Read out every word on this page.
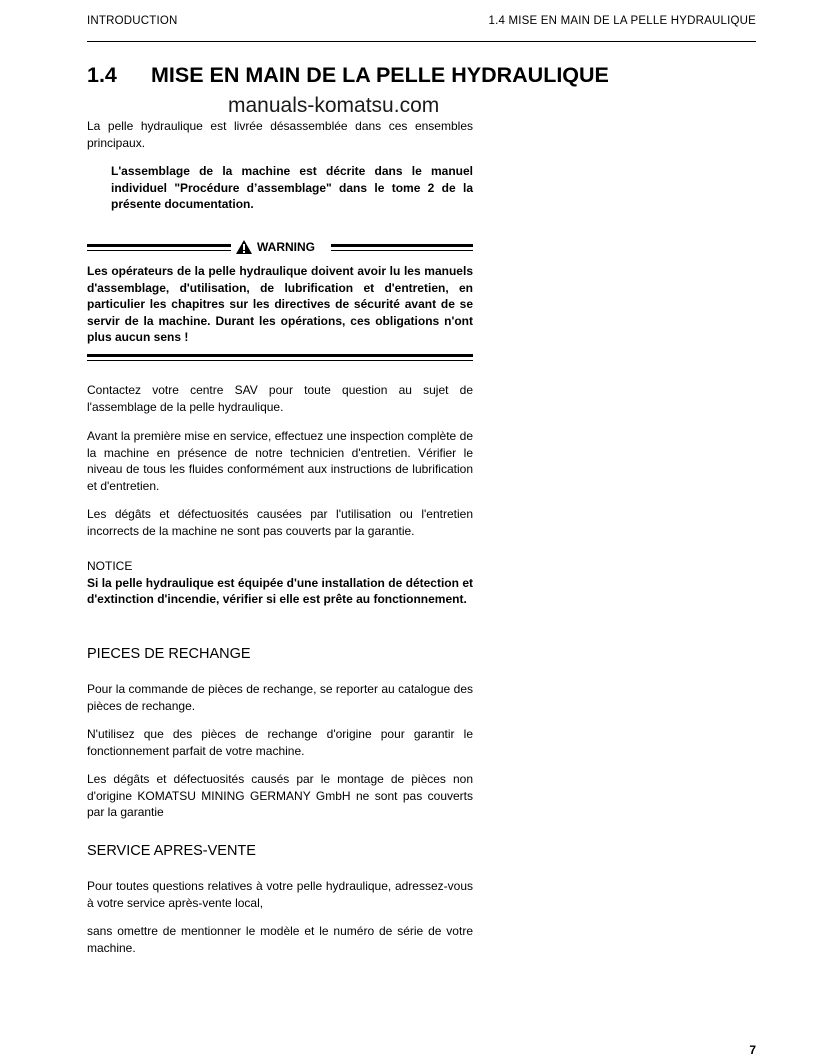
INTRODUCTION	1.4 MISE EN MAIN DE LA PELLE HYDRAULIQUE
1.4 MISE EN MAIN DE LA PELLE HYDRAULIQUE
manuals-komatsu.com

La pelle hydraulique est livrée désassemblée dans ces ensembles principaux.

L'assemblage de la machine est décrite dans le manuel individuel "Procédure d’assemblage" dans le tome 2 de la présente documentation.

WARNING

Les opérateurs de la pelle hydraulique doivent avoir lu les manuels d'assemblage, d'utilisation, de lubrification et d'entretien, en particulier les chapitres sur les directives de sécurité avant de se servir de la machine. Durant les opérations, ces obligations n'ont plus aucun sens !

Contactez votre centre SAV pour toute question au sujet de l'assemblage de la pelle hydraulique.

Avant la première mise en service, effectuez une inspection complète de la machine en présence de notre technicien d'entretien. Vérifier le niveau de tous les fluides conformément aux instructions de lubrification et d'entretien.

Les dégâts et défectuosités causées par l'utilisation ou l'entretien incorrects de la machine ne sont pas couverts par la garantie.

NOTICE

Si la pelle hydraulique est équipée d'une installation de détection et d'extinction d'incendie, vérifier si elle est prête au fonctionnement.

PIECES DE RECHANGE

Pour la commande de pièces de rechange, se reporter au catalogue des pièces de rechange.

N'utilisez que des pièces de rechange d'origine pour garantir le fonctionnement parfait de votre machine.

Les dégâts et défectuosités causés par le montage de pièces non d'origine KOMATSU MINING GERMANY GmbH ne sont pas couverts par la garantie

SERVICE APRES-VENTE

Pour toutes questions relatives à votre pelle hydraulique, adressez-vous à votre service après-vente local,

sans omettre de mentionner le modèle et le numéro de série de votre machine.

7
